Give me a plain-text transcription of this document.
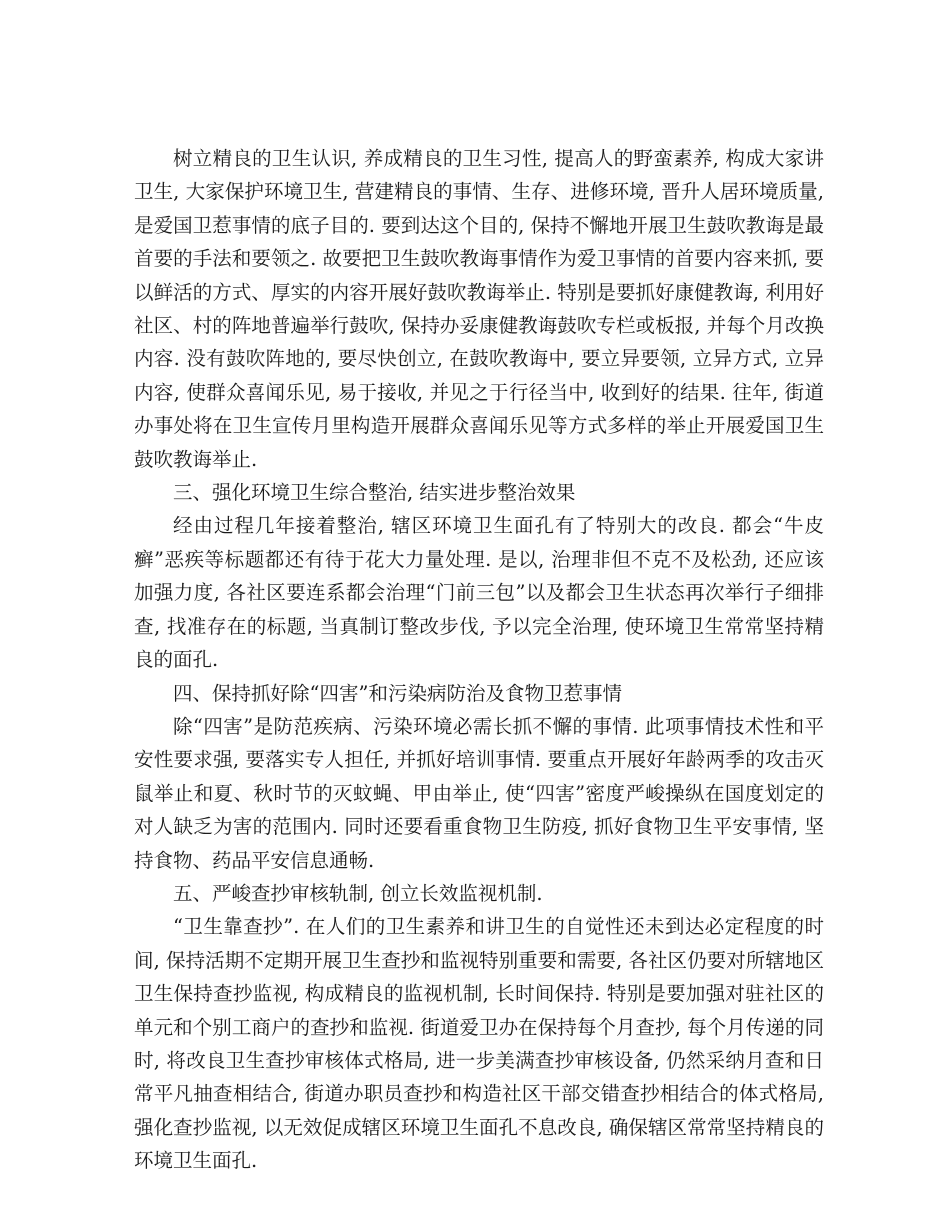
树立精良的卫生认识, 养成精良的卫生习性, 提高人的野蛮素养, 构成大家讲卫生, 大家保护环境卫生, 营建精良的事情、生存、进修环境, 晋升人居环境质量, 是爱国卫惹事情的底子目的. 要到达这个目的, 保持不懈地开展卫生鼓吹教诲是最首要的手法和要领之. 故要把卫生鼓吹教诲事情作为爱卫事情的首要内容来抓, 要以鲜活的方式、厚实的内容开展好鼓吹教诲举止. 特别是要抓好康健教诲, 利用好社区、村的阵地普遍举行鼓吹, 保持办妥康健教诲鼓吹专栏或板报, 并每个月改换内容. 没有鼓吹阵地的, 要尽快创立, 在鼓吹教诲中, 要立异要领, 立异方式, 立异内容, 使群众喜闻乐见, 易于接收, 并见之于行径当中, 收到好的结果. 往年, 街道办事处将在卫生宣传月里构造开展群众喜闻乐见等方式多样的举止开展爱国卫生鼓吹教诲举止.

三、强化环境卫生综合整治, 结实进步整治效果

经由过程几年接着整治, 辖区环境卫生面孔有了特别大的改良. 都会“牛皮癣”恶疾等标题都还有待于花大力量处理. 是以, 治理非但不克不及松劲, 还应该加强力度, 各社区要连系都会治理“门前三包”以及都会卫生状态再次举行子细排查, 找准存在的标题, 当真制订整改步伐, 予以完全治理, 使环境卫生常常坚持精良的面孔.

四、保持抓好除“四害”和污染病防治及食物卫惹事情

除“四害”是防范疾病、污染环境必需长抓不懈的事情. 此项事情技术性和平安性要求强, 要落实专人担任, 并抓好培训事情. 要重点开展好年龄两季的攻击灭鼠举止和夏、秋时节的灭蚊蝇、甲由举止, 使“四害”密度严峻操纵在国度划定的对人缺乏为害的范围内. 同时还要看重食物卫生防疫, 抓好食物卫生平安事情, 坚持食物、药品平安信息通畅.

五、严峻查抄审核轨制, 创立长效监视机制.

“卫生靠查抄”. 在人们的卫生素养和讲卫生的自觉性还未到达必定程度的时间, 保持活期不定期开展卫生查抄和监视特别重要和需要, 各社区仍要对所辖地区卫生保持查抄监视, 构成精良的监视机制, 长时间保持. 特别是要加强对驻社区的单元和个别工商户的查抄和监视. 街道爱卫办在保持每个月查抄, 每个月传递的同时, 将改良卫生查抄审核体式格局, 进一步美满查抄审核设备, 仍然采纳月查和日常平凡抽查相结合, 街道办职员查抄和构造社区干部交错查抄相结合的体式格局, 强化查抄监视, 以无效促成辖区环境卫生面孔不息改良, 确保辖区常常坚持精良的环境卫生面孔.
